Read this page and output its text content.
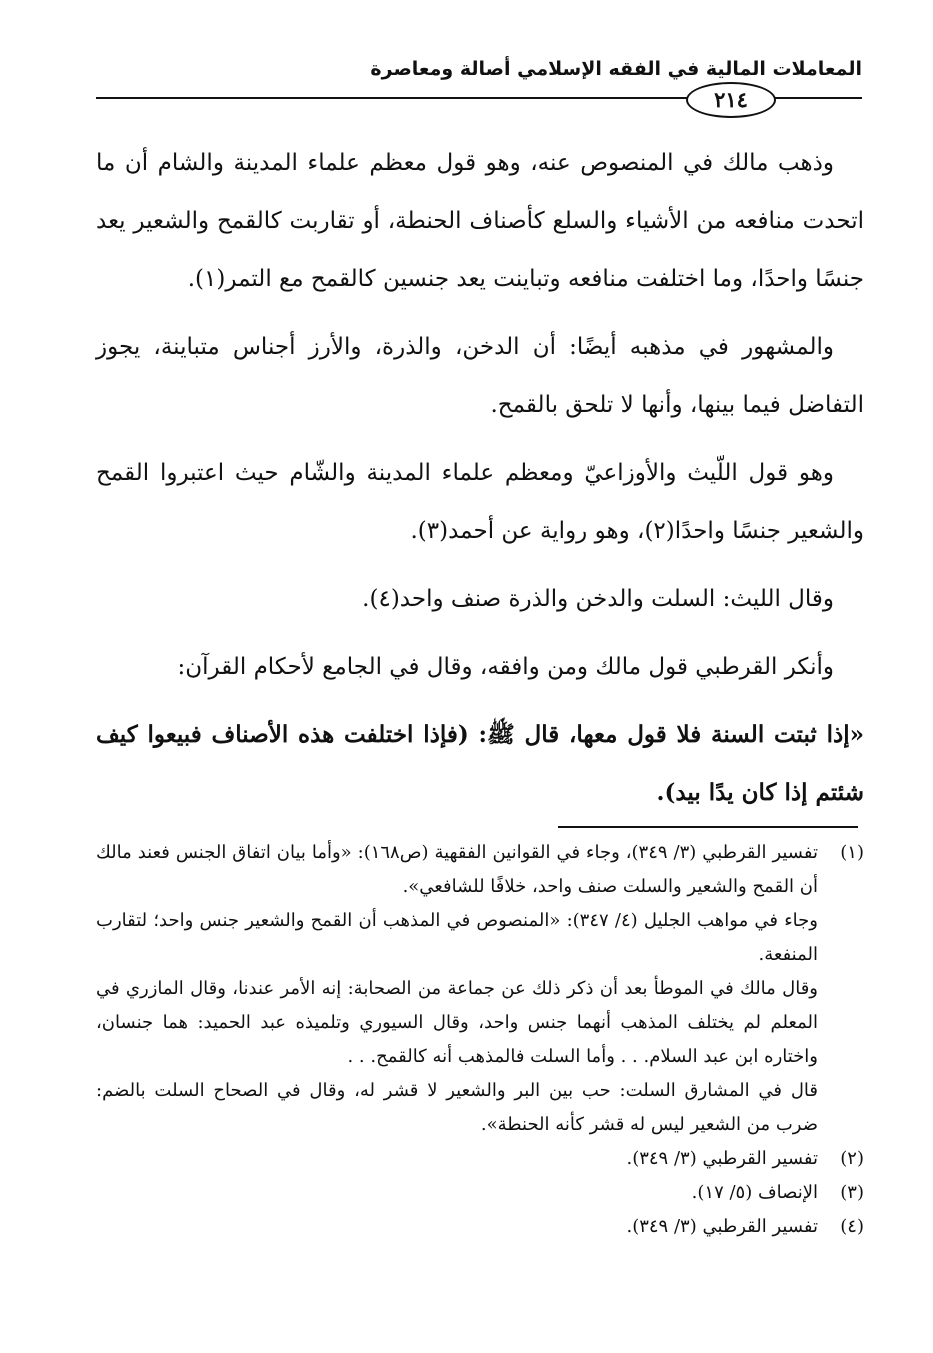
المعاملات المالية في الفقه الإسلامي أصالة ومعاصرة
٢١٤

وذهب مالك في المنصوص عنه، وهو قول معظم علماء المدينة والشام أن ما اتحدت منافعه من الأشياء والسلع كأصناف الحنطة، أو تقاربت كالقمح والشعير يعد جنسًا واحدًا، وما اختلفت منافعه وتباينت يعد جنسين كالقمح مع التمر(١).

والمشهور في مذهبه أيضًا: أن الدخن، والذرة، والأرز أجناس متباينة، يجوز التفاضل فيما بينها، وأنها لا تلحق بالقمح.

وهو قول اللّيث والأوزاعيّ ومعظم علماء المدينة والشّام حيث اعتبروا القمح والشعير جنسًا واحدًا(٢)، وهو رواية عن أحمد(٣).

وقال الليث: السلت والدخن والذرة صنف واحد(٤).

وأنكر القرطبي قول مالك ومن وافقه، وقال في الجامع لأحكام القرآن:

«إذا ثبتت السنة فلا قول معها، قال ﷺ: (فإذا اختلفت هذه الأصناف فبيعوا كيف شئتم إذا كان يدًا بيد).

(١)

تفسير القرطبي (٣/ ٣٤٩)، وجاء في القوانين الفقهية (ص١٦٨): «وأما بيان اتفاق الجنس فعند مالك أن القمح والشعير والسلت صنف واحد، خلافًا للشافعي».

وجاء في مواهب الجليل (٤/ ٣٤٧): «المنصوص في المذهب أن القمح والشعير جنس واحد؛ لتقارب المنفعة.

وقال مالك في الموطأ بعد أن ذكر ذلك عن جماعة من الصحابة: إنه الأمر عندنا، وقال المازري في المعلم لم يختلف المذهب أنهما جنس واحد، وقال السيوري وتلميذه عبد الحميد: هما جنسان، واختاره ابن عبد السلام. . . وأما السلت فالمذهب أنه كالقمح. . .

قال في المشارق السلت: حب بين البر والشعير لا قشر له، وقال في الصحاح السلت بالضم: ضرب من الشعير ليس له قشر كأنه الحنطة».

(٢)

تفسير القرطبي (٣/ ٣٤٩).

(٣)

الإنصاف (٥/ ١٧).

(٤)

تفسير القرطبي (٣/ ٣٤٩).
